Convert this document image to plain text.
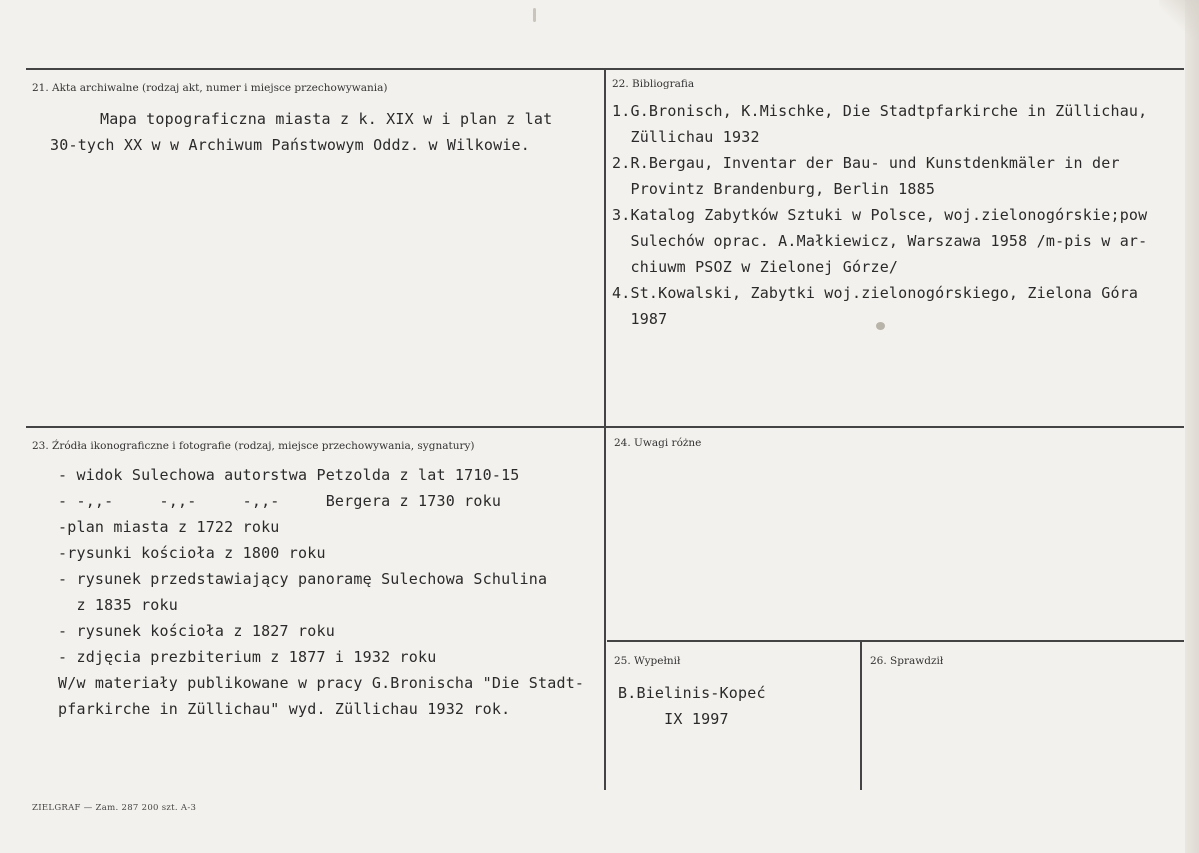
21. Akta archiwalne (rodzaj akt, numer i miejsce przechowywania)
Mapa topograficzna miasta z k. XIX w i plan z lat
30-tych XX w w Archiwum Państwowym Oddz. w Wilkowie.
22. Bibliografia
1.G.Bronisch, K.Mischke, Die Stadtpfarkirche in Züllichau,
Züllichau 1932
2.R.Bergau, Inventar der Bau- und Kunstdenkmäler in der
Provintz Brandenburg, Berlin 1885
3.Katalog Zabytków Sztuki w Polsce, woj.zielonogórskie;pow
Sulechów oprac. A.Małkiewicz, Warszawa 1958 /m-pis w ar-
chiuwm PSOZ w Zielonej Górze/
4.St.Kowalski, Zabytki woj.zielonogórskiego, Zielona Góra
1987
23. Źródła ikonograficzne i fotografie (rodzaj, miejsce przechowywania, sygnatury)
- widok Sulechowa autorstwa Petzolda z lat 1710-15
- -,,-     -,,-     -,,-     Bergera z 1730 roku
-plan miasta z 1722 roku
-rysunki kościoła z 1800 roku
- rysunek przedstawiający panoramę Sulechowa Schulina
z 1835 roku
- rysunek kościoła z 1827 roku
- zdjęcia prezbiterium z 1877 i 1932 roku
W/w materiały publikowane w pracy G.Bronischa "Die Stadt-
pfarkirche in Züllichau" wyd. Züllichau 1932 rok.
24. Uwagi różne
25. Wypełnił
B.Bielinis-Kopeć
IX 1997
26. Sprawdził
ZIELGRAF — Zam. 287 200 szt. A-3
